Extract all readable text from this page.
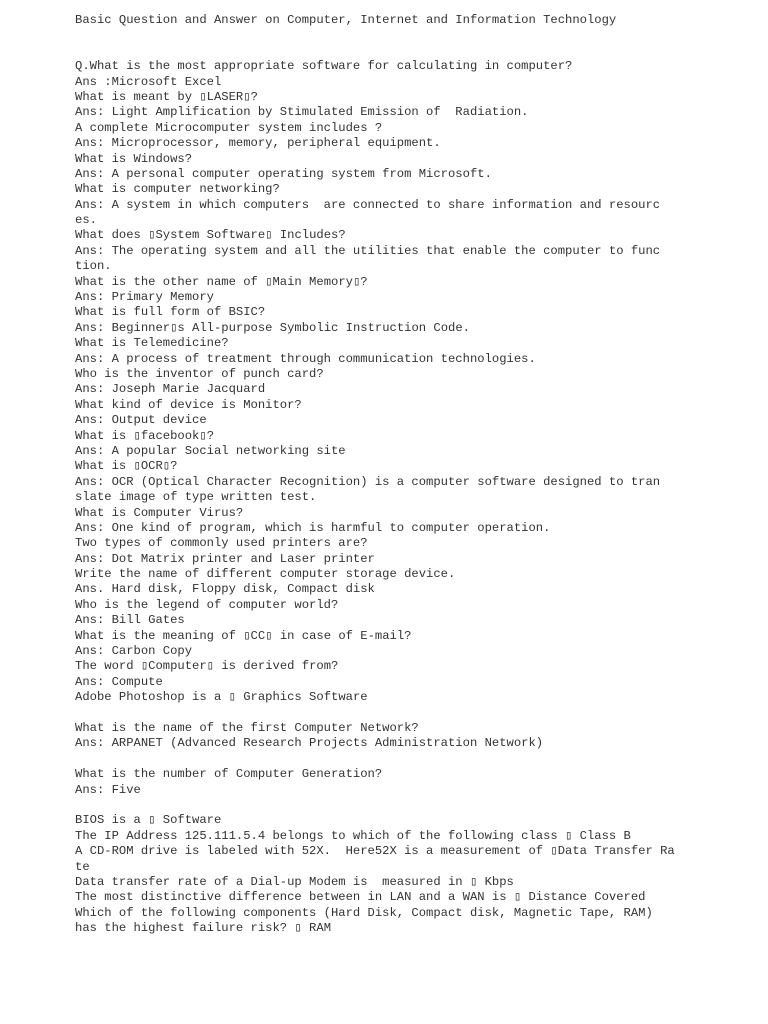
Basic Question and Answer on Computer, Internet and Information Technology
Q.What is the most appropriate software for calculating in computer?
Ans :Microsoft Excel
What is meant by ▯LASER▯?
Ans: Light Amplification by Stimulated Emission of  Radiation.
A complete Microcomputer system includes ?
Ans: Microprocessor, memory, peripheral equipment.
What is Windows?
Ans: A personal computer operating system from Microsoft.
What is computer networking?
Ans: A system in which computers  are connected to share information and resourc
es.
What does ▯System Software▯ Includes?
Ans: The operating system and all the utilities that enable the computer to func
tion.
What is the other name of ▯Main Memory▯?
Ans: Primary Memory
What is full form of BSIC?
Ans: Beginner▯s All-purpose Symbolic Instruction Code.
What is Telemedicine?
Ans: A process of treatment through communication technologies.
Who is the inventor of punch card?
Ans: Joseph Marie Jacquard
What kind of device is Monitor?
Ans: Output device
What is ▯facebook▯?
Ans: A popular Social networking site
What is ▯OCR▯?
Ans: OCR (Optical Character Recognition) is a computer software designed to tran
slate image of type written test.
What is Computer Virus?
Ans: One kind of program, which is harmful to computer operation.
Two types of commonly used printers are?
Ans: Dot Matrix printer and Laser printer
Write the name of different computer storage device.
Ans. Hard disk, Floppy disk, Compact disk
Who is the legend of computer world?
Ans: Bill Gates
What is the meaning of ▯CC▯ in case of E-mail?
Ans: Carbon Copy
The word ▯Computer▯ is derived from?
Ans: Compute
Adobe Photoshop is a ▯ Graphics Software
What is the name of the first Computer Network?
Ans: ARPANET (Advanced Research Projects Administration Network)
What is the number of Computer Generation?
Ans: Five
BIOS is a ▯ Software
The IP Address 125.111.5.4 belongs to which of the following class ▯ Class B
A CD-ROM drive is labeled with 52X.  Here52X is a measurement of ▯Data Transfer Ra
te
Data transfer rate of a Dial-up Modem is  measured in ▯ Kbps
The most distinctive difference between in LAN and a WAN is ▯ Distance Covered
Which of the following components (Hard Disk, Compact disk, Magnetic Tape, RAM)
has the highest failure risk? ▯ RAM
